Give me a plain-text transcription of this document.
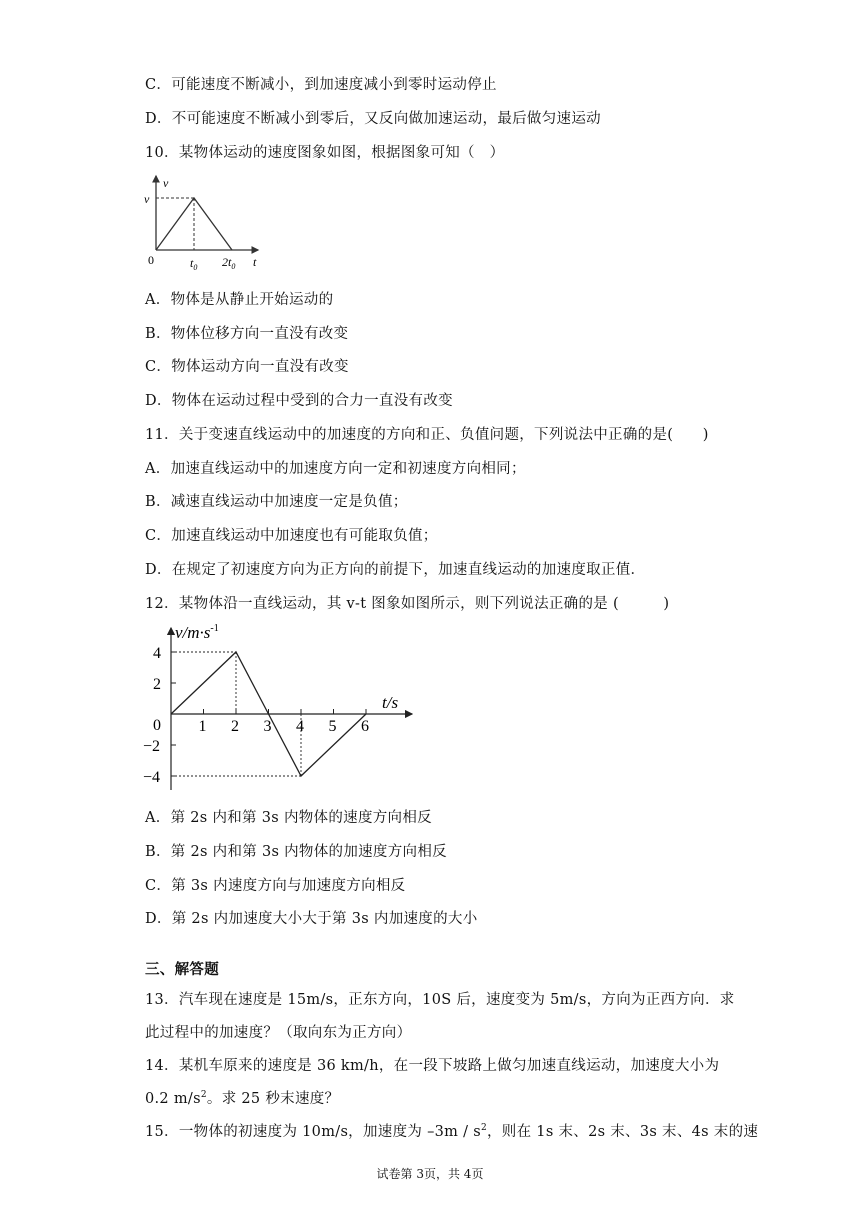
C．可能速度不断减小，到加速度减小到零时运动停止
D．不可能速度不断减小到零后，又反向做加速运动，最后做匀速运动
10．某物体运动的速度图象如图，根据图象可知（　）
v
v
0	$t_0$ $2t_0$ t
A．物体是从静止开始运动的
B．物体位移方向一直没有改变
C．物体运动方向一直没有改变
D．物体在运动过程中受到的合力一直没有改变
11．关于变速直线运动中的加速度的方向和正、负值问题，下列说法中正确的是(　　)
A．加速直线运动中的加速度方向一定和初速度方向相同；
B．减速直线运动中加速度一定是负值；
C．加速直线运动中加速度也有可能取负值；
D．在规定了初速度方向为正方向的前提下，加速直线运动的加速度取正值．
12．某物体沿一直线运动，其 v-t 图象如图所示，则下列说法正确的是 (　　　)
1 2 3 4 5 6
4
2
0
−2
−4
$v/m\cdot s^{-1}$
t/s
A．第 2s 内和第 3s 内物体的速度方向相反
B．第 2s 内和第 3s 内物体的加速度方向相反
C．第 3s 内速度方向与加速度方向相反
D．第 2s 内加速度大小大于第 3s 内加速度的大小
三、解答题
13．汽车现在速度是 15m/s，正东方向，10S 后，速度变为 5m/s，方向为正西方向．求
此过程中的加速度？（取向东为正方向）
14．某机车原来的速度是 36 km/h，在一段下坡路上做匀加速直线运动，加速度大小为
0.2 $m/s^2$。求 25 秒末速度？
15．一物体的初速度为 10m/s，加速度为 $-3m / s^2$，则在 1s 末、2s 末、3s 末、4s 末的速
试卷第 3页，共 4页
